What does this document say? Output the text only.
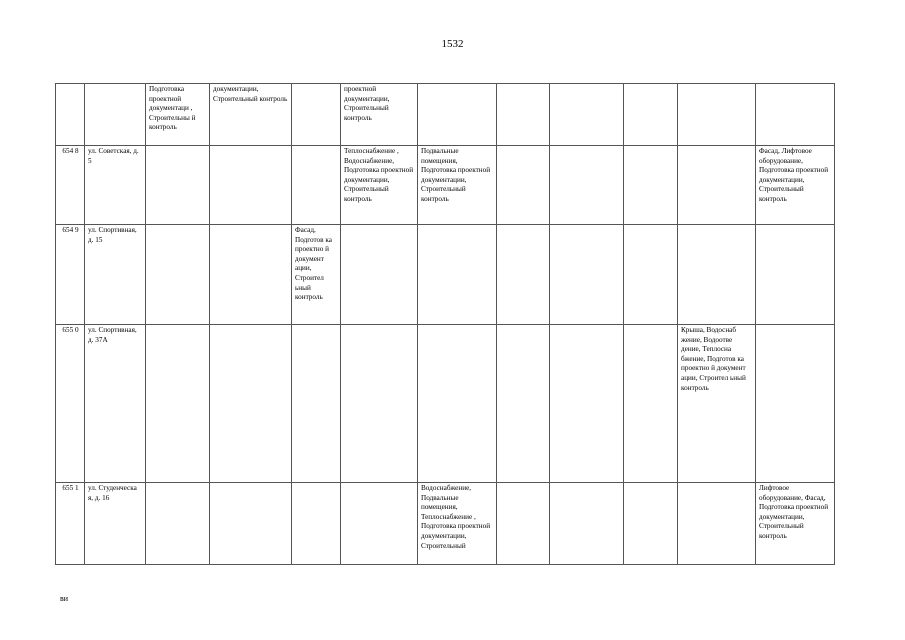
1532
		Подготовка проектной документаци , Строительны й контроль	документации, Строительный контроль		проектной документации, Строительный контроль							
654 8	ул. Советская, д. 5				Теплоснабжение , Водоснабжение, Подготовка проектной документации, Строительный контроль	Подвальные помещения, Подготовка проектной документации, Строительный контроль					Фасад, Лифтовое оборудование, Подготовка проектной документации, Строительный контроль	
654 9	ул. Спортивная, д. 15			Фасад, Подготов ка проектно й документ ации, Строител ьный контроль								
655 0	ул. Спортивная, д. 37А									Крыша, Водоснаб жение, Водоотве дение, Теплосна бжение, Подготов ка проектно й документ ации, Строител ьный контроль		
655 1	ул. Студенческа я, д. 16					Водоснабжение, Подвальные помещения, Теплоснабжение , Подготовка проектной документации, Строительный					Лифтовое оборудование, Фасад, Подготовка проектной документации, Строительный контроль	
ви
